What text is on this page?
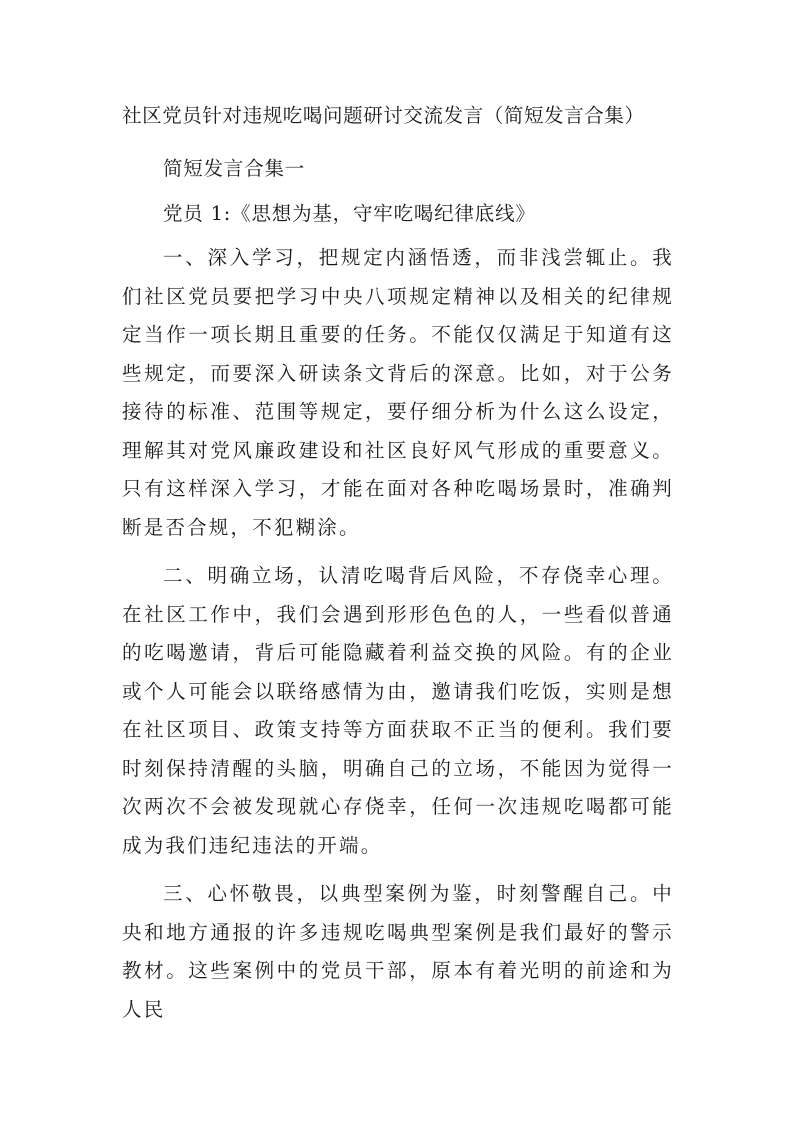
社区党员针对违规吃喝问题研讨交流发言（简短发言合集）

简短发言合集一

党员 1:《思想为基，守牢吃喝纪律底线》

一、深入学习，把规定内涵悟透，而非浅尝辄止。我们社区党员要把学习中央八项规定精神以及相关的纪律规定当作一项长期且重要的任务。不能仅仅满足于知道有这些规定，而要深入研读条文背后的深意。比如，对于公务接待的标准、范围等规定，要仔细分析为什么这么设定，理解其对党风廉政建设和社区良好风气形成的重要意义。只有这样深入学习，才能在面对各种吃喝场景时，准确判断是否合规，不犯糊涂。

二、明确立场，认清吃喝背后风险，不存侥幸心理。在社区工作中，我们会遇到形形色色的人，一些看似普通的吃喝邀请，背后可能隐藏着利益交换的风险。有的企业或个人可能会以联络感情为由，邀请我们吃饭，实则是想在社区项目、政策支持等方面获取不正当的便利。我们要时刻保持清醒的头脑，明确自己的立场，不能因为觉得一次两次不会被发现就心存侥幸，任何一次违规吃喝都可能成为我们违纪违法的开端。

三、心怀敬畏，以典型案例为鉴，时刻警醒自己。中央和地方通报的许多违规吃喝典型案例是我们最好的警示教材。这些案例中的党员干部，原本有着光明的前途和为人民
